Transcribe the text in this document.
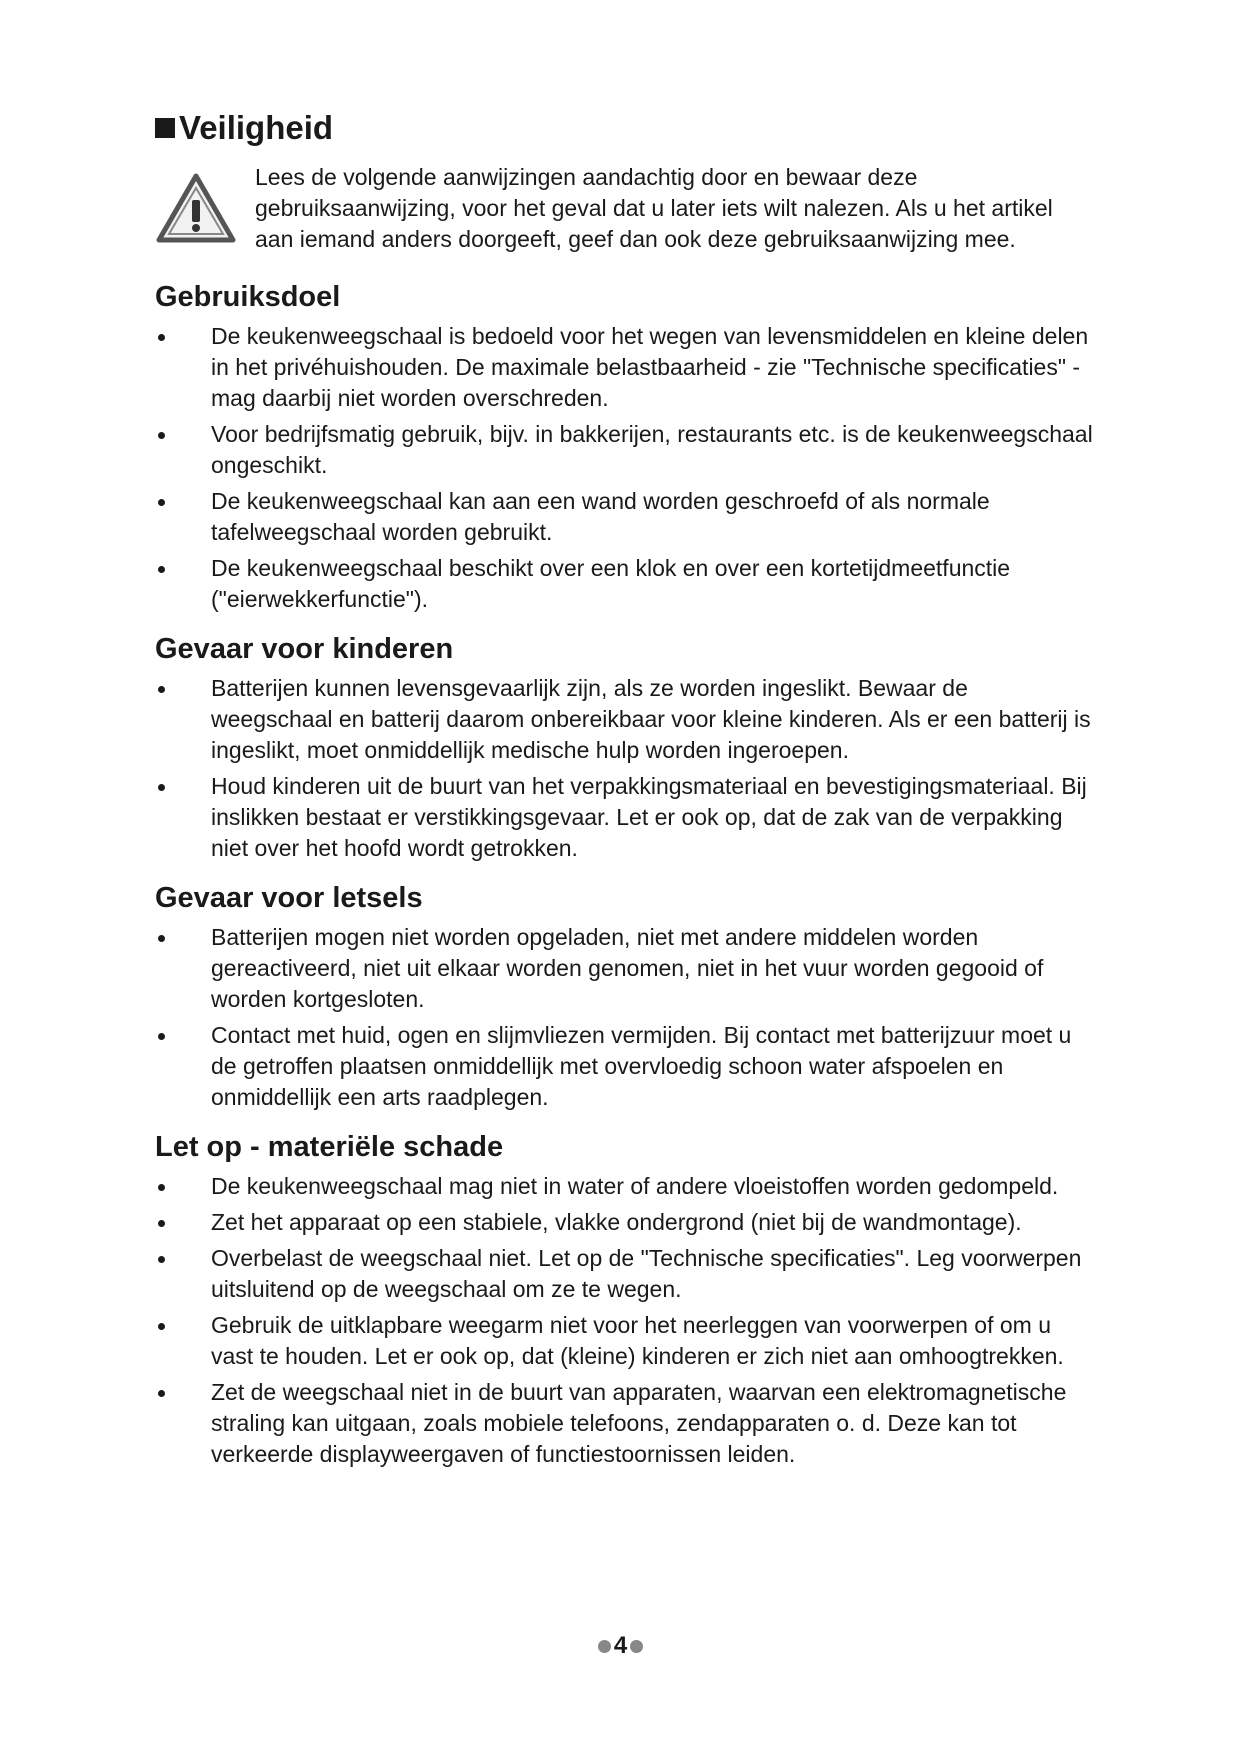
Veiligheid
Lees de volgende aanwijzingen aandachtig door en bewaar deze gebruiksaanwijzing, voor het geval dat u later iets wilt nalezen. Als u het artikel aan iemand anders doorgeeft, geef dan ook deze gebruiksaanwijzing mee.
Gebruiksdoel
De keukenweegschaal is bedoeld voor het wegen van levensmiddelen en kleine delen in het privéhuishouden. De maximale belastbaarheid - zie "Technische specificaties" - mag daarbij niet worden overschreden.
Voor bedrijfsmatig gebruik, bijv. in bakkerijen, restaurants etc. is de keukenweegschaal ongeschikt.
De keukenweegschaal kan aan een wand worden geschroefd of als normale tafelweegschaal worden gebruikt.
De keukenweegschaal beschikt over een klok en over een kortetijdmeetfunctie ("eierwekkerfunctie").
Gevaar voor kinderen
Batterijen kunnen levensgevaarlijk zijn, als ze worden ingeslikt. Bewaar de weegschaal en batterij daarom onbereikbaar voor kleine kinderen. Als er een batterij is ingeslikt, moet onmiddellijk medische hulp worden ingeroepen.
Houd kinderen uit de buurt van het verpakkingsmateriaal en bevestigingsmateriaal. Bij inslikken bestaat er verstikkingsgevaar. Let er ook op, dat de zak van de verpakking niet over het hoofd wordt getrokken.
Gevaar voor letsels
Batterijen mogen niet worden opgeladen, niet met andere middelen worden gereactiveerd, niet uit elkaar worden genomen, niet in het vuur worden gegooid of worden kortgesloten.
Contact met huid, ogen en slijmvliezen vermijden. Bij contact met batterijzuur moet u de getroffen plaatsen onmiddellijk met overvloedig schoon water afspoelen en onmiddellijk een arts raadplegen.
Let op - materiële schade
De keukenweegschaal mag niet in water of andere vloeistoffen worden gedompeld.
Zet het apparaat op een stabiele, vlakke ondergrond (niet bij de wandmontage).
Overbelast de weegschaal niet. Let op de "Technische specificaties". Leg voorwerpen uitsluitend op de weegschaal om ze te wegen.
Gebruik de uitklapbare weegarm niet voor het neerleggen van voorwerpen of om u vast te houden. Let er ook op, dat (kleine) kinderen er zich niet aan omhoogtrekken.
Zet de weegschaal niet in de buurt van apparaten, waarvan een elektromagnetische straling kan uitgaan, zoals mobiele telefoons, zendapparaten o. d. Deze kan tot verkeerde displayweergaven of functiestoornissen leiden.
4
